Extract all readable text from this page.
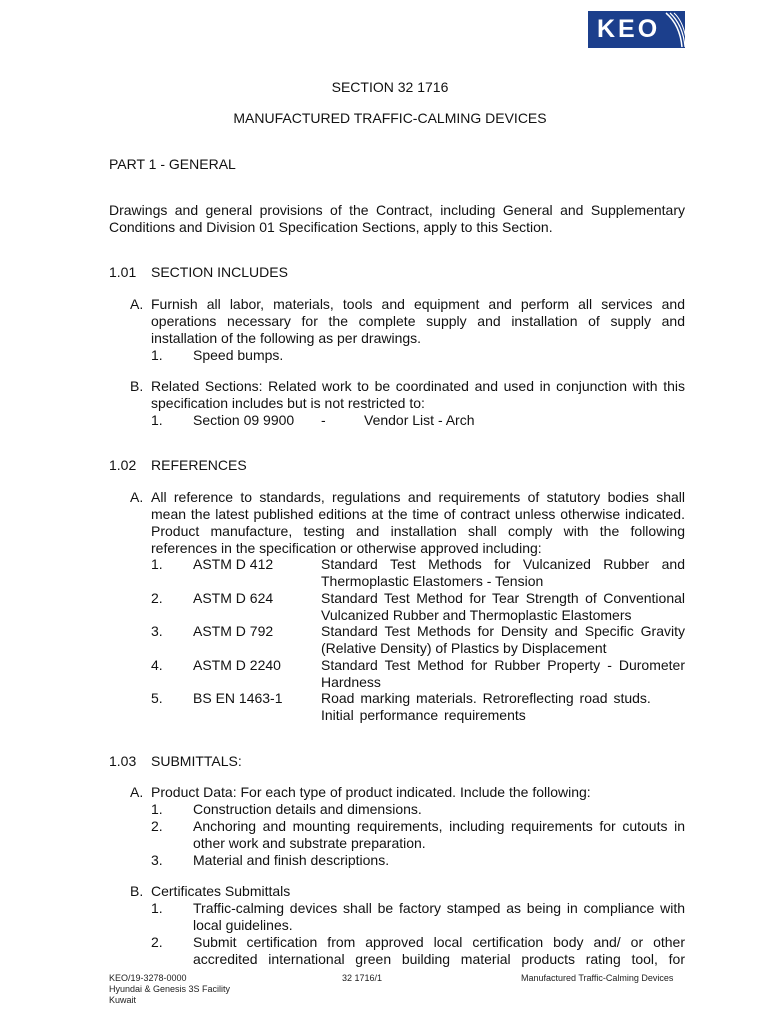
KEO
SECTION 32 1716
MANUFACTURED TRAFFIC-CALMING DEVICES
PART 1 - GENERAL
Drawings and general provisions of the Contract, including General and Supplementary Conditions and Division 01 Specification Sections, apply to this Section.
1.01 SECTION INCLUDES
A. Furnish all labor, materials, tools and equipment and perform all services and operations necessary for the complete supply and installation of supply and installation of the following as per drawings.
1. Speed bumps.
B. Related Sections: Related work to be coordinated and used in conjunction with this specification includes but is not restricted to:
1. Section 09 9900 -	Vendor List - Arch
1.02 REFERENCES
A. All reference to standards, regulations and requirements of statutory bodies shall mean the latest published editions at the time of contract unless otherwise indicated. Product manufacture, testing and installation shall comply with the following references in the specification or otherwise approved including:
1. ASTM D 412	Standard Test Methods for Vulcanized Rubber and Thermoplastic Elastomers - Tension
2. ASTM D 624	Standard Test Method for Tear Strength of Conventional Vulcanized Rubber and Thermoplastic Elastomers
3. ASTM D 792	Standard Test Methods for Density and Specific Gravity (Relative Density) of Plastics by Displacement
4. ASTM D 2240	Standard Test Method for Rubber Property - Durometer Hardness
5. BS EN 1463-1	Road marking materials. Retroreflecting road studs. Initial performance requirements
1.03 SUBMITTALS:
A. Product Data: For each type of product indicated. Include the following:
1. Construction details and dimensions.
2. Anchoring and mounting requirements, including requirements for cutouts in other work and substrate preparation.
3. Material and finish descriptions.
B. Certificates Submittals
1. Traffic-calming devices shall be factory stamped as being in compliance with local guidelines.
2. Submit certification from approved local certification body and/ or other accredited international green building material products rating tool, for
KEO/19-3278-0000
Hyundai & Genesis 3S Facility
Kuwait
32 1716/1	Manufactured Traffic-Calming Devices
